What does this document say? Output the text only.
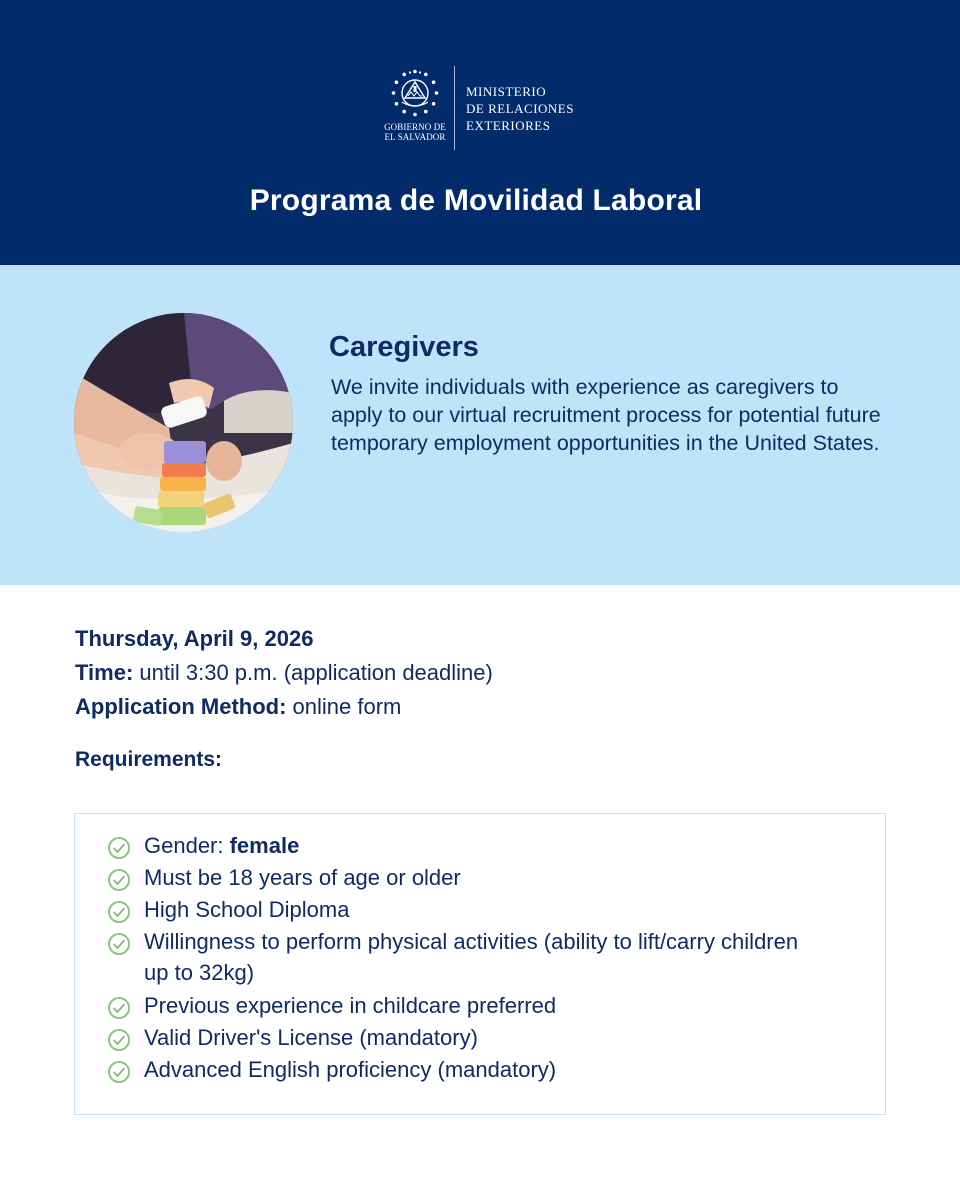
GOBIERNO DE
EL SALVADOR
MINISTERIO
DE RELACIONES
EXTERIORES
Programa de Movilidad Laboral
Caregivers
We invite individuals with experience as caregivers to apply to our virtual recruitment process for potential future temporary employment opportunities in the United States.
Thursday, April 9, 2026
Time: until 3:30 p.m. (application deadline)
Application Method: online form
Requirements:
Gender: female
Must be 18 years of age or older
High School Diploma
Willingness to perform physical activities (ability to lift/carry children up to 32kg)
Previous experience in childcare preferred
Valid Driver's License (mandatory)
Advanced English proficiency (mandatory)
